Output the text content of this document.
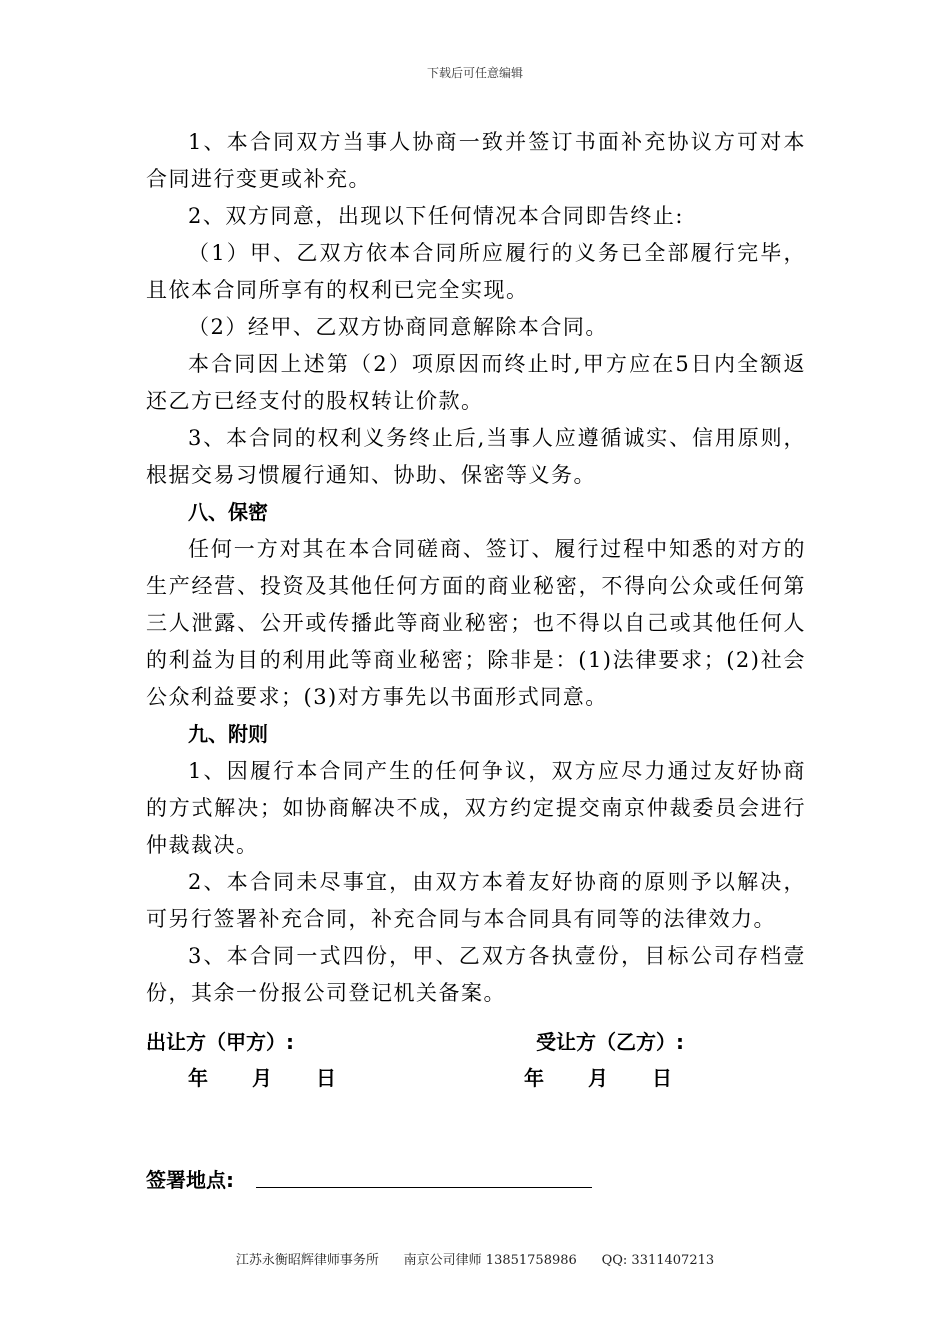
下载后可任意编辑

1、本合同双方当事人协商一致并签订书面补充协议方可对本合同进行变更或补充。

2、双方同意，出现以下任何情况本合同即告终止:

（1）甲、乙双方依本合同所应履行的义务已全部履行完毕，且依本合同所享有的权利已完全实现。

（2）经甲、乙双方协商同意解除本合同。

本合同因上述第（2）项原因而终止时,甲方应在5日内全额返还乙方已经支付的股权转让价款。

3、本合同的权利义务终止后,当事人应遵循诚实、信用原则，根据交易习惯履行通知、协助、保密等义务。

八、保密

任何一方对其在本合同磋商、签订、履行过程中知悉的对方的生产经营、投资及其他任何方面的商业秘密，不得向公众或任何第三人泄露、公开或传播此等商业秘密；也不得以自己或其他任何人的利益为目的利用此等商业秘密；除非是：(1)法律要求；(2)社会公众利益要求；(3)对方事先以书面形式同意。

九、附则

1、因履行本合同产生的任何争议，双方应尽力通过友好协商的方式解决；如协商解决不成，双方约定提交南京仲裁委员会进行仲裁裁决。

2、本合同未尽事宜，由双方本着友好协商的原则予以解决，可另行签署补充合同，补充合同与本合同具有同等的法律效力。

3、本合同一式四份，甲、乙双方各执壹份，目标公司存档壹份，其余一份报公司登记机关备案。

出让方（甲方）:	受让方（乙方）:
年 月 日	年 月 日
签署地点:
江苏永衡昭辉律师事务所 南京公司律师 13851758986 QQ: 3311407213
